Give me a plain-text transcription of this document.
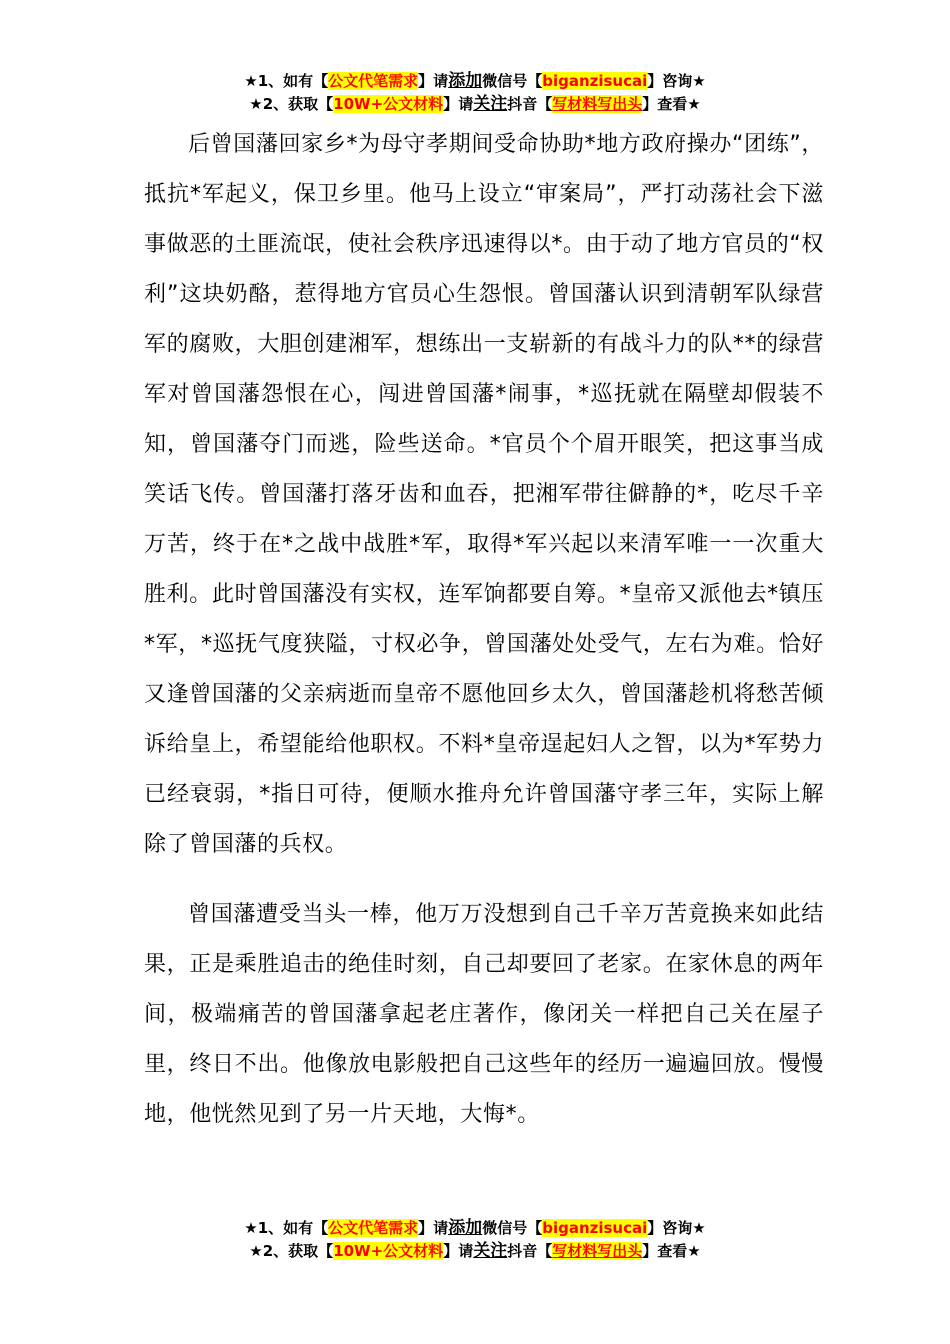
★1、如有【公文代笔需求】请添加微信号【biganzisucai】咨询★
★2、获取【10W+公文材料】请关注抖音【写材料写出头】查看★

后曾国藩回家乡*为母守孝期间受命协助*地方政府操办“团练”，抵抗*军起义，保卫乡里。他马上设立“审案局”，严打动荡社会下滋事做恶的土匪流氓，使社会秩序迅速得以*。由于动了地方官员的“权利”这块奶酪，惹得地方官员心生怨恨。曾国藩认识到清朝军队绿营军的腐败，大胆创建湘军，想练出一支崭新的有战斗力的队**的绿营军对曾国藩怨恨在心，闯进曾国藩*闹事，*巡抚就在隔壁却假装不知，曾国藩夺门而逃，险些送命。*官员个个眉开眼笑，把这事当成笑话飞传。曾国藩打落牙齿和血吞，把湘军带往僻静的*，吃尽千辛万苦，终于在*之战中战胜*军，取得*军兴起以来清军唯一一次重大胜利。此时曾国藩没有实权，连军饷都要自筹。*皇帝又派他去*镇压*军，*巡抚气度狭隘，寸权必争，曾国藩处处受气，左右为难。恰好又逢曾国藩的父亲病逝而皇帝不愿他回乡太久，曾国藩趁机将愁苦倾诉给皇上，希望能给他职权。不料*皇帝逞起妇人之智，以为*军势力已经衰弱，*指日可待，便顺水推舟允许曾国藩守孝三年，实际上解除了曾国藩的兵权。

曾国藩遭受当头一棒，他万万没想到自己千辛万苦竟换来如此结果，正是乘胜追击的绝佳时刻，自己却要回了老家。在家休息的两年间，极端痛苦的曾国藩拿起老庄著作，像闭关一样把自己关在屋子里，终日不出。他像放电影般把自己这些年的经历一遍遍回放。慢慢地，他恍然见到了另一片天地，大悔*。

★1、如有【公文代笔需求】请添加微信号【biganzisucai】咨询★
★2、获取【10W+公文材料】请关注抖音【写材料写出头】查看★
